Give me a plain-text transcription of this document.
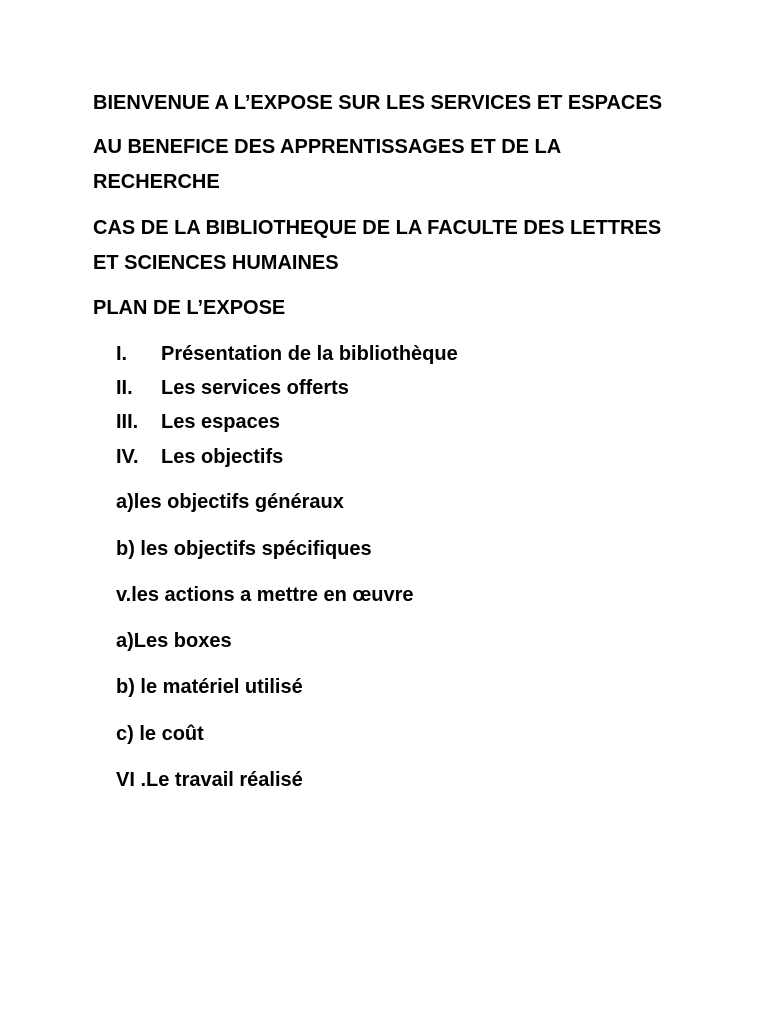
BIENVENUE A L’EXPOSE SUR LES SERVICES ET ESPACES
AU BENEFICE DES APPRENTISSAGES ET DE LA
RECHERCHE
CAS DE LA BIBLIOTHEQUE DE LA FACULTE DES LETTRES
ET SCIENCES HUMAINES
PLAN DE L’EXPOSE
I. Présentation de la bibliothèque
II. Les services offerts
III. Les espaces
IV. Les objectifs
a)les objectifs généraux
b) les objectifs spécifiques
v.les actions a mettre en œuvre
a)Les boxes
b) le matériel utilisé
c) le coût
VI .Le travail réalisé
